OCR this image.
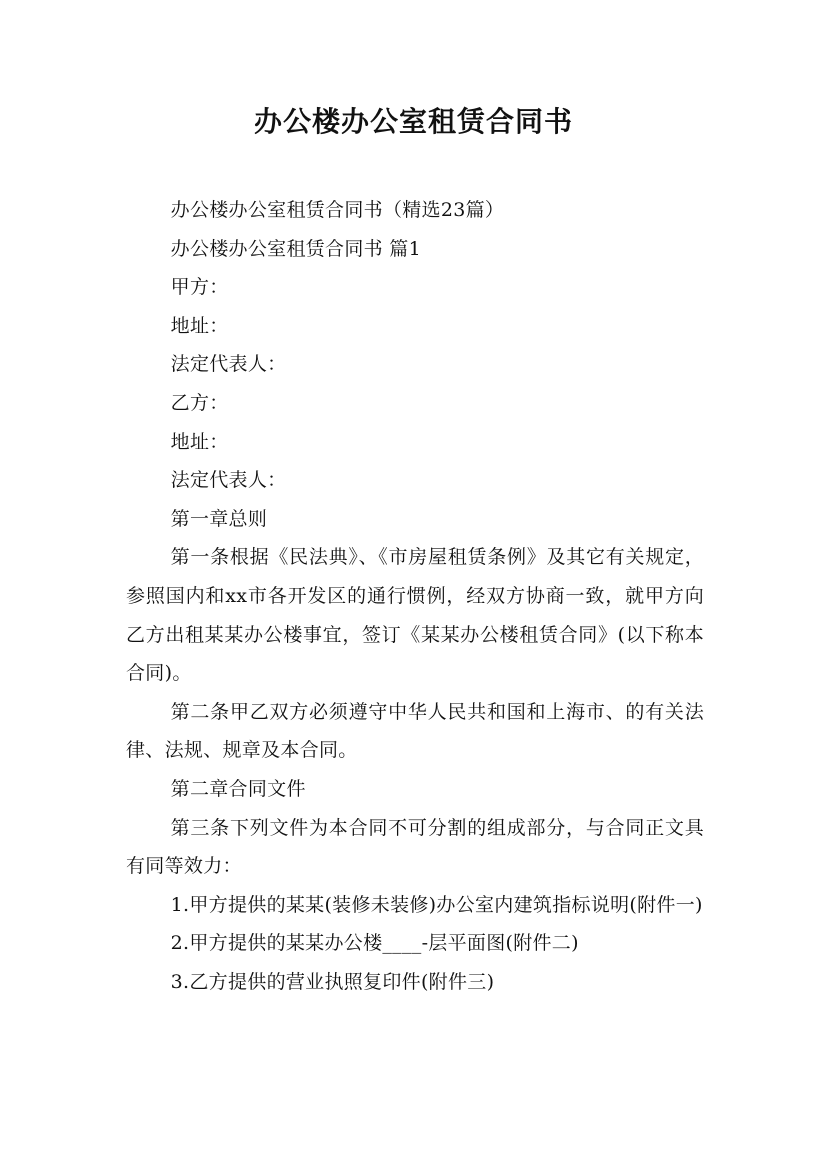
办公楼办公室租赁合同书

办公楼办公室租赁合同书（精选23篇）

办公楼办公室租赁合同书 篇1

甲方：

地址：

法定代表人：

乙方：

地址：

法定代表人：

第一章总则

第一条根据《民法典》、《市房屋租赁条例》及其它有关规定，参照国内和xx市各开发区的通行惯例，经双方协商一致，就甲方向乙方出租某某办公楼事宜，签订《某某办公楼租赁合同》(以下称本合同)。

第二条甲乙双方必须遵守中华人民共和国和上海市、的有关法律、法规、规章及本合同。

第二章合同文件

第三条下列文件为本合同不可分割的组成部分，与合同正文具有同等效力：

1.甲方提供的某某(装修未装修)办公室内建筑指标说明(附件一)

2.甲方提供的某某办公楼____-层平面图(附件二)

3.乙方提供的营业执照复印件(附件三)
